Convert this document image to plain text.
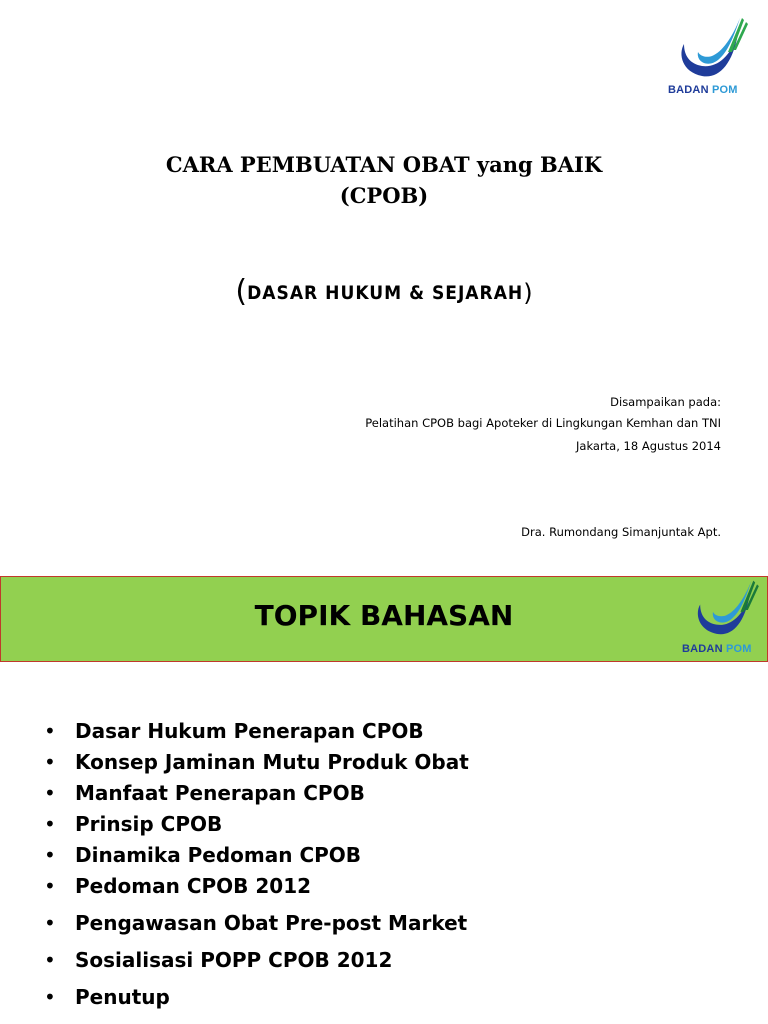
BADAN POM
CARA PEMBUATAN OBAT yang BAIK
(CPOB)
(DASAR HUKUM & SEJARAH)
Disampaikan pada:
Pelatihan CPOB bagi Apoteker di Lingkungan Kemhan dan TNI
Jakarta, 18 Agustus 2014
Dra. Rumondang Simanjuntak Apt.
TOPIK BAHASAN
BADAN POM
• Dasar Hukum Penerapan CPOB
• Konsep Jaminan Mutu Produk Obat
• Manfaat Penerapan CPOB
• Prinsip CPOB
• Dinamika Pedoman CPOB
• Pedoman CPOB 2012
• Pengawasan Obat Pre-post Market
• Sosialisasi POPP CPOB 2012
• Penutup
